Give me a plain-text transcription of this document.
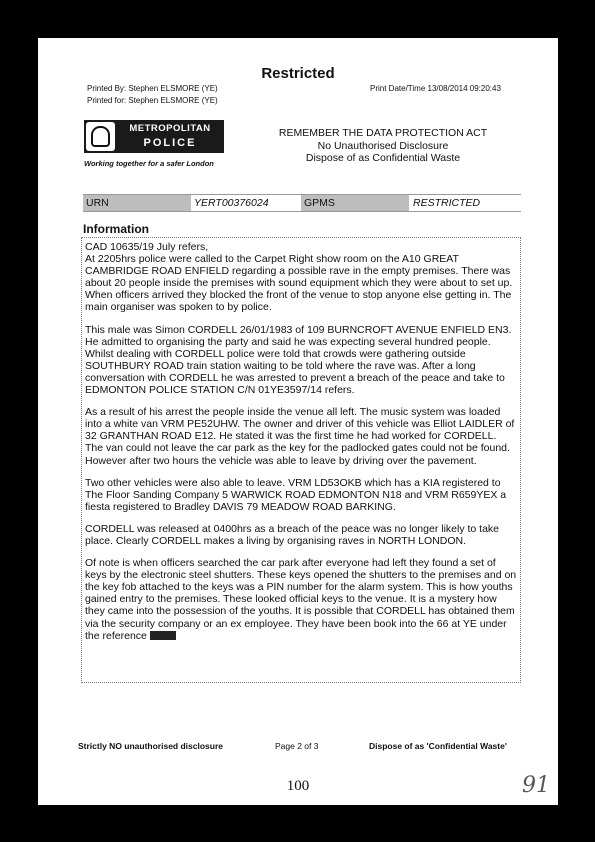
Restricted
Printed By: Stephen ELSMORE (YE)
Printed for: Stephen ELSMORE (YE)
Print Date/Time 13/08/2014 09:20:43
METROPOLITAN
POLICE
Working together for a safer London
REMEMBER THE DATA PROTECTION ACT
No Unauthorised Disclosure
Dispose of as Confidential Waste
URN	YERT00376024	GPMS	RESTRICTED
Information

CAD 10635/19 July refers,
At 2205hrs police were called to the Carpet Right show room on the A10 GREAT CAMBRIDGE ROAD ENFIELD regarding a possible rave in the empty premises. There was about 20 people inside the premises with sound equipment which they were about to set up. When officers arrived they blocked the front of the venue to stop anyone else getting in. The main organiser was spoken to by police.

This male was Simon CORDELL 26/01/1983 of 109 BURNCROFT AVENUE ENFIELD EN3. He admitted to organising the party and said he was expecting several hundred people. Whilst dealing with CORDELL police were told that crowds were gathering outside SOUTHBURY ROAD train station waiting to be told where the rave was. After a long conversation with CORDELL he was arrested to prevent a breach of the peace and take to EDMONTON POLICE STATION C/N 01YE3597/14 refers.

As a result of his arrest the people inside the venue all left. The music system was loaded into a white van VRM PE52UHW. The owner and driver of this vehicle was Elliot LAIDLER of 32 GRANTHAN ROAD E12. He stated it was the first time he had worked for CORDELL. The van could not leave the car park as the key for the padlocked gates could not be found. However after two hours the vehicle was able to leave by driving over the pavement.

Two other vehicles were also able to leave. VRM LD53OKB which has a KIA registered to The Floor Sanding Company 5 WARWICK ROAD EDMONTON N18 and VRM R659YEX a fiesta registered to Bradley DAVIS 79 MEADOW ROAD BARKING.

CORDELL was released at 0400hrs as a breach of the peace was no longer likely to take place. Clearly CORDELL makes a living by organising raves in NORTH LONDON.

Of note is when officers searched the car park after everyone had left they found a set of keys by the electronic steel shutters. These keys opened the shutters to the premises and on the key fob attached to the keys was a PIN number for the alarm system. This is how youths gained entry to the premises. These looked official keys to the venue. It is a mystery how they came into the possession of the youths. It is possible that CORDELL has obtained them via the security company or an ex employee. They have been book into the 66 at YE under the reference

Strictly NO unauthorised disclosure	Page 2 of 3	Dispose of as 'Confidential Waste'
100	91
